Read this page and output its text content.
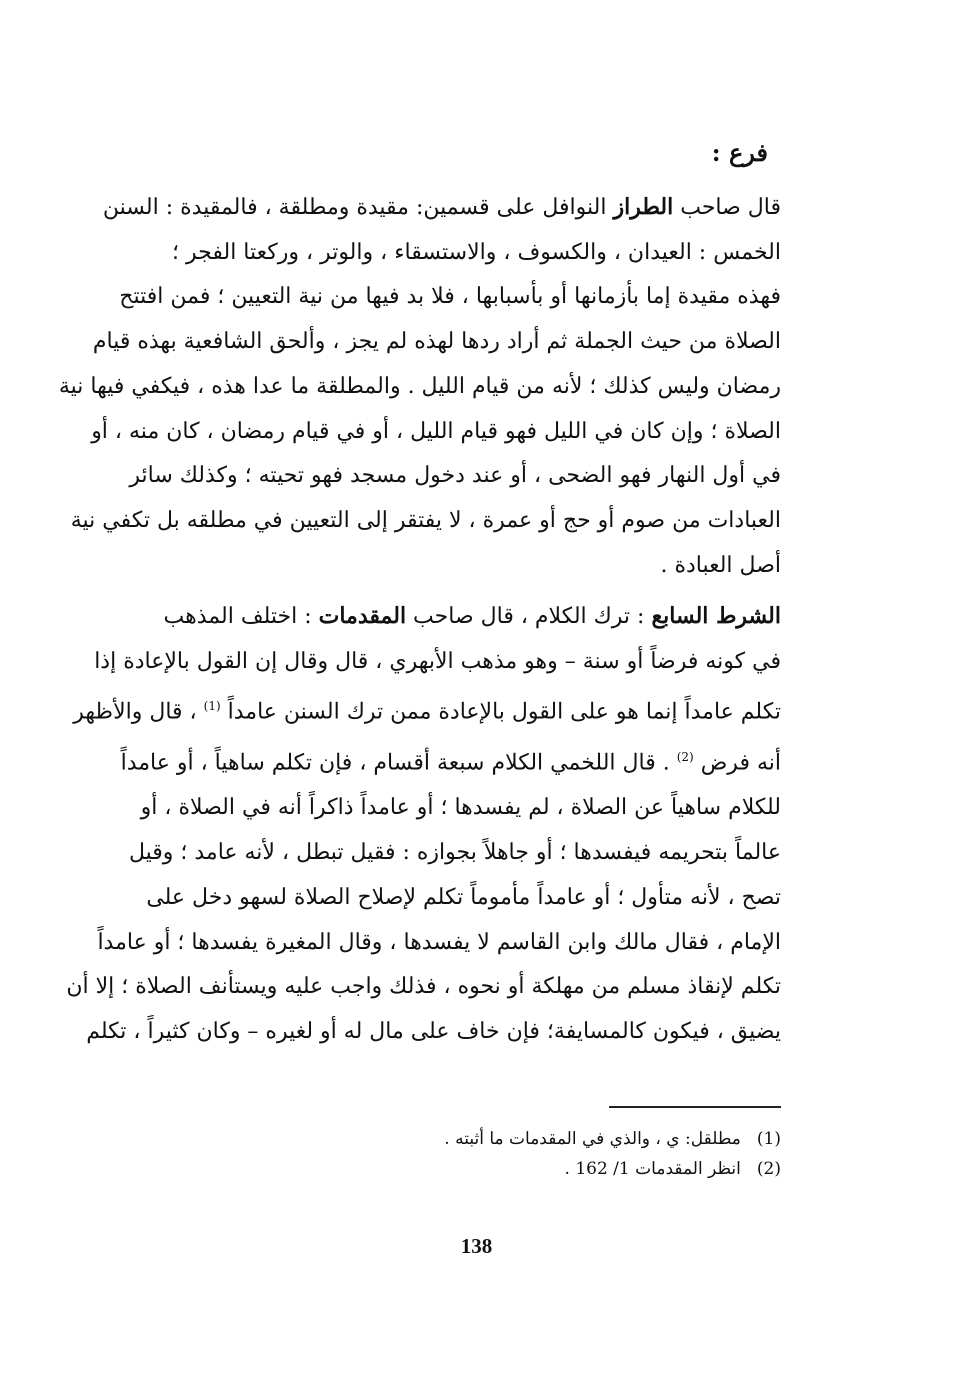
فرع :
قال صاحب الطراز النوافل على قسمين: مقيدة ومطلقة ، فالمقيدة : السنن
الخمس : العيدان ، والكسوف ، والاستسقاء ، والوتر ، وركعتا الفجر ؛
فهذه مقيدة إما بأزمانها أو بأسبابها ، فلا بد فيها من نية التعيين ؛ فمن افتتح
الصلاة من حيث الجملة ثم أراد ردها لهذه لم يجز ، وألحق الشافعية بهذه قيام
رمضان وليس كذلك ؛ لأنه من قيام الليل . والمطلقة ما عدا هذه ، فيكفي فيها نية
الصلاة ؛ وإن كان في الليل فهو قيام الليل ، أو في قيام رمضان ، كان منه ، أو
في أول النهار فهو الضحى ، أو عند دخول مسجد فهو تحيته ؛ وكذلك سائر
العبادات من صوم أو حج أو عمرة ، لا يفتقر إلى التعيين في مطلقه بل تكفي نية
أصل العبادة .
الشرط السابع : ترك الكلام ، قال صاحب المقدمات : اختلف المذهب
في كونه فرضاً أو سنة – وهو مذهب الأبهري ، قال وقال إن القول بالإعادة إذا
تكلم عامداً إنما هو على القول بالإعادة ممن ترك السنن عامداً $^{(1)}$ ، قال والأظهر
أنه فرض $^{(2)}$ . قال اللخمي الكلام سبعة أقسام ، فإن تكلم ساهياً ، أو عامداً
للكلام ساهياً عن الصلاة ، لم يفسدها ؛ أو عامداً ذاكراً أنه في الصلاة ، أو
عالماً بتحريمه فيفسدها ؛ أو جاهلاً بجوازه : فقيل تبطل ، لأنه عامد ؛ وقيل
تصح ، لأنه متأول ؛ أو عامداً مأموماً تكلم لإصلاح الصلاة لسهو دخل على
الإمام ، فقال مالك وابن القاسم لا يفسدها ، وقال المغيرة يفسدها ؛ أو عامداً
تكلم لإنقاذ مسلم من مهلكة أو نحوه ، فذلك واجب عليه ويستأنف الصلاة ؛ إلا أن
يضيق ، فيكون كالمسايفة؛ فإن خاف على مال له أو لغيره – وكان كثيراً ، تكلم
(1)مطلقل: ي ، والذي في المقدمات ما أثبته .
(2)انظر المقدمات 1/ 162 .
138
